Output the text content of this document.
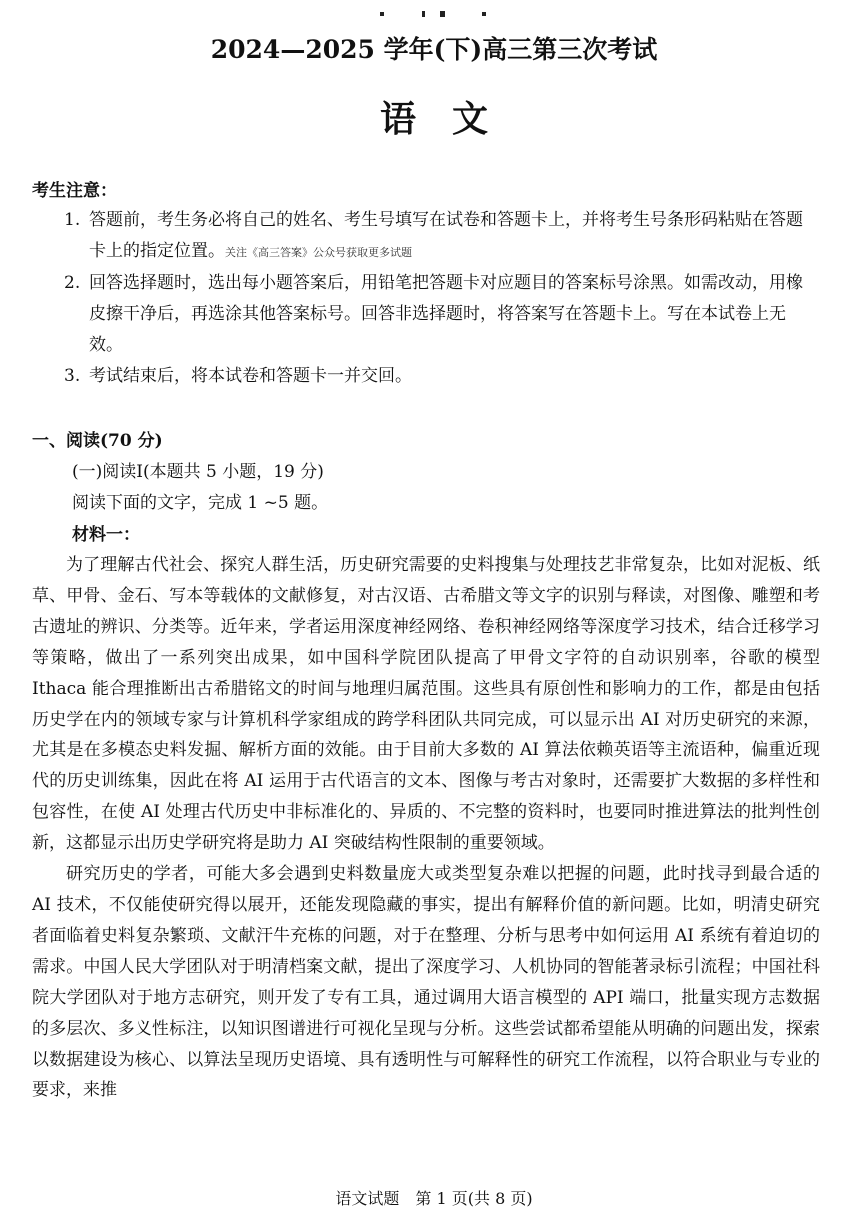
2024—2025 学年(下)高三第三次考试
语　文
考生注意：
1. 答题前，考生务必将自己的姓名、考生号填写在试卷和答题卡上，并将考生号条形码粘贴在答题卡上的指定位置。关注《高三答案》公众号获取更多试题
2. 回答选择题时，选出每小题答案后，用铅笔把答题卡对应题目的答案标号涂黑。如需改动，用橡皮擦干净后，再选涂其他答案标号。回答非选择题时，将答案写在答题卡上。写在本试卷上无效。
3. 考试结束后，将本试卷和答题卡一并交回。
一、阅读(70 分)
(一)阅读Ⅰ(本题共 5 小题，19 分)
阅读下面的文字，完成 1 ~5 题。
材料一：

为了理解古代社会、探究人群生活，历史研究需要的史料搜集与处理技艺非常复杂，比如对泥板、纸草、甲骨、金石、写本等载体的文献修复，对古汉语、古希腊文等文字的识别与释读，对图像、雕塑和考古遗址的辨识、分类等。近年来，学者运用深度神经网络、卷积神经网络等深度学习技术，结合迁移学习等策略，做出了一系列突出成果，如中国科学院团队提高了甲骨文字符的自动识别率，谷歌的模型 Ithaca 能合理推断出古希腊铭文的时间与地理归属范围。这些具有原创性和影响力的工作，都是由包括历史学在内的领域专家与计算机科学家组成的跨学科团队共同完成，可以显示出 AI 对历史研究的来源，尤其是在多模态史料发掘、解析方面的效能。由于目前大多数的 AI 算法依赖英语等主流语种，偏重近现代的历史训练集，因此在将 AI 运用于古代语言的文本、图像与考古对象时，还需要扩大数据的多样性和包容性，在使 AI 处理古代历史中非标准化的、异质的、不完整的资料时，也要同时推进算法的批判性创新，这都显示出历史学研究将是助力 AI 突破结构性限制的重要领域。

研究历史的学者，可能大多会遇到史料数量庞大或类型复杂难以把握的问题，此时找寻到最合适的 AI 技术，不仅能使研究得以展开，还能发现隐藏的事实，提出有解释价值的新问题。比如，明清史研究者面临着史料复杂繁琐、文献汗牛充栋的问题，对于在整理、分析与思考中如何运用 AI 系统有着迫切的需求。中国人民大学团队对于明清档案文献，提出了深度学习、人机协同的智能著录标引流程；中国社科院大学团队对于地方志研究，则开发了专有工具，通过调用大语言模型的 API 端口，批量实现方志数据的多层次、多义性标注，以知识图谱进行可视化呈现与分析。这些尝试都希望能从明确的问题出发，探索以数据建设为核心、以算法呈现历史语境、具有透明性与可解释性的研究工作流程，以符合职业与专业的要求，来推

语文试题　第 1 页(共 8 页)
